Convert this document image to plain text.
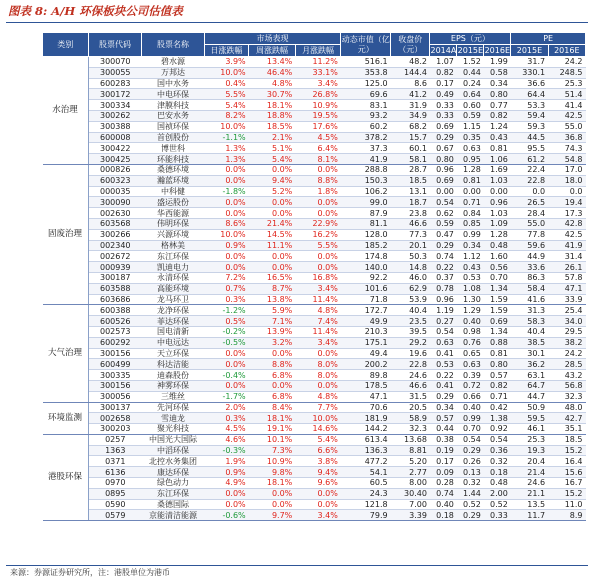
图表 8: A/H 环保板块公司估值表
类别	股票代码	股票名称	市场表现			动态市值（亿元）	收盘价（元）	EPS（元）			PE	
			日涨跌幅	周涨跌幅	月涨跌幅			2014A	2015E	2016E	2015E	2016E
水治理	300070	碧水源	3.9%	13.4%	11.2%	516.1	48.2	1.07	1.52	1.99	31.7	24.2
	300055	万邦达	10.0%	46.4%	33.1%	353.8	144.4	0.82	0.44	0.58	330.1	248.5
	600283	国中水务	0.4%	4.8%	3.4%	125.0	8.6	0.17	0.24	0.34	36.6	25.3
	300172	中电环保	5.5%	30.7%	26.8%	69.6	41.2	0.49	0.64	0.80	64.4	51.4
	300334	津膜科技	5.4%	18.1%	10.9%	83.1	31.9	0.33	0.60	0.77	53.3	41.4
	300262	巴安水务	8.2%	18.8%	19.5%	93.2	34.9	0.33	0.59	0.82	59.4	42.5
	300388	国祯环保	10.0%	18.5%	17.6%	60.2	68.2	0.69	1.15	1.24	59.3	55.0
	600008	首创股份	-1.1%	2.1%	4.5%	378.2	15.7	0.29	0.35	0.43	44.5	36.8
	300422	博世科	1.3%	5.1%	6.4%	37.3	60.1	0.67	0.63	0.81	95.5	74.3
	300425	环能科技	1.3%	5.4%	8.1%	41.9	58.1	0.80	0.95	1.06	61.2	54.8
固废治理	000826	桑德环境	0.0%	0.0%	0.0%	288.8	28.7	0.96	1.28	1.69	22.4	17.0
	600323	瀚蓝环境	0.0%	9.4%	8.8%	150.3	18.5	0.69	0.81	1.03	22.8	18.0
	000035	中科健	-1.8%	5.2%	1.8%	106.2	13.1	0.00	0.00	0.00	0.0	0.0
	300090	盛运股份	0.0%	0.0%	0.0%	99.0	18.7	0.54	0.71	0.96	26.5	19.4
	002630	华西能源	0.0%	0.0%	0.0%	87.9	23.8	0.62	0.84	1.03	28.4	17.3
	603568	伟明环保	8.6%	21.4%	22.9%	81.1	46.6	0.59	0.85	1.09	55.0	42.8
	300266	兴源环境	10.0%	14.5%	16.2%	128.0	77.3	0.47	0.99	1.28	77.8	42.5
	002340	格林美	0.9%	11.1%	5.5%	185.2	20.1	0.29	0.34	0.48	59.6	41.9
	002672	东江环保	0.0%	0.0%	0.0%	174.8	50.3	0.74	1.12	1.60	44.9	31.4
	000939	凯迪电力	0.0%	0.0%	0.0%	140.0	14.8	0.22	0.43	0.56	33.6	26.1
	300187	永清环保	7.2%	16.5%	16.8%	92.2	46.0	0.37	0.53	0.70	86.3	57.8
	603588	高能环境	0.7%	8.7%	3.4%	101.6	62.9	0.78	1.08	1.34	58.4	47.1
	603686	龙马环卫	0.3%	13.8%	11.4%	71.8	53.9	0.96	1.30	1.59	41.6	33.9
大气治理	600388	龙净环保	-1.2%	5.9%	4.8%	172.7	40.4	1.19	1.29	1.59	31.3	25.4
	600526	菲达环保	0.5%	7.1%	7.4%	49.9	23.5	0.27	0.40	0.69	58.3	34.0
	002573	国电清新	-0.2%	13.9%	11.4%	210.3	39.5	0.54	0.98	1.34	40.4	29.5
	600292	中电远达	-0.5%	3.2%	3.4%	175.1	29.2	0.63	0.76	0.88	38.5	38.2
	300156	天立环保	0.0%	0.0%	0.0%	49.4	19.6	0.41	0.65	0.81	30.1	24.2
	600499	科达洁能	0.0%	8.8%	8.0%	200.2	22.8	0.53	0.63	0.80	36.2	28.5
	300335	迪森股份	-0.4%	6.8%	8.0%	89.8	24.6	0.22	0.39	0.57	63.1	43.2
	300156	神雾环保	0.0%	0.0%	0.0%	178.5	46.6	0.41	0.72	0.82	64.7	56.8
	300056	三维丝	-1.7%	6.8%	4.8%	47.1	31.5	0.29	0.66	0.71	44.7	32.3
环境监测	300137	先河环保	2.0%	8.4%	7.7%	70.6	20.5	0.34	0.40	0.42	50.9	48.0
	002658	雪迪龙	0.3%	18.1%	10.0%	181.9	58.9	0.57	0.99	1.38	59.5	42.7
	300203	聚光科技	4.5%	19.1%	14.6%	144.2	32.3	0.44	0.70	0.92	46.1	35.1
港股环保	0257	中国光大国际	4.6%	10.1%	5.4%	613.4	13.68	0.38	0.54	0.54	25.3	18.5
	1363	中滔环保	-0.3%	7.3%	6.6%	136.3	8.81	0.19	0.29	0.36	19.3	15.2
	0371	北控水务集团	1.9%	10.9%	3.8%	477.2	5.20	0.17	0.26	0.32	20.4	16.4
	6136	康达环保	0.9%	9.8%	9.4%	54.1	2.77	0.09	0.13	0.18	21.4	15.6
	0970	绿色动力	4.9%	18.1%	9.6%	60.5	8.00	0.28	0.32	0.48	24.6	16.7
	0895	东江环保	0.0%	0.0%	0.0%	24.3	30.40	0.74	1.44	2.00	21.1	15.2
	0590	桑德国际	0.0%	0.0%	0.0%	121.8	7.00	0.40	0.52	0.52	13.5	11.0
	0579	京能清洁能源	-0.6%	9.7%	3.4%	79.9	3.39	0.18	0.29	0.33	11.7	8.9
来源：券源证券研究所，注：港股单位为港币
